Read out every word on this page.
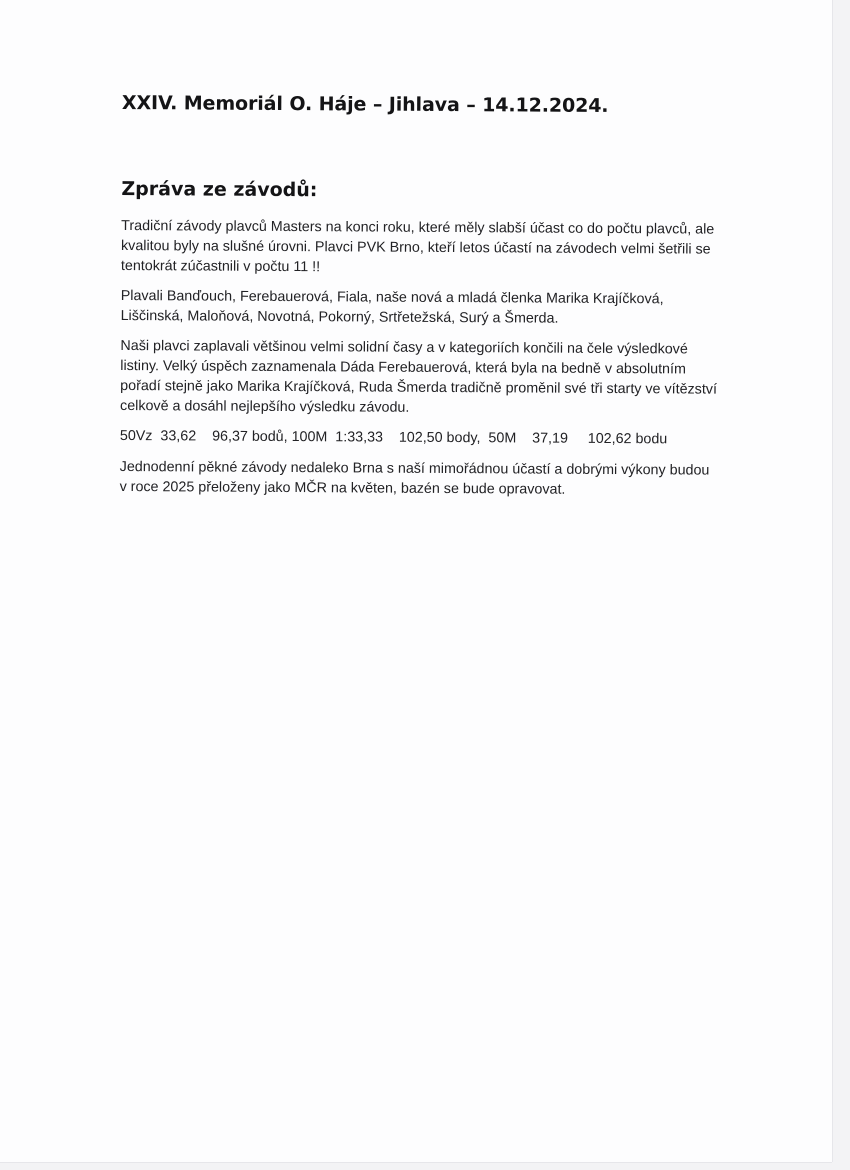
XXIV. Memoriál O. Háje – Jihlava – 14.12.2024.
Zpráva ze závodů:

Tradiční závody plavců Masters na konci roku, které měly slabší účast co do počtu plavců, ale kvalitou byly na slušné úrovni. Plavci PVK Brno, kteří letos účastí na závodech velmi šetřili se tentokrát zúčastnili v počtu 11 !!

Plavali Banďouch, Ferebauerová, Fiala, naše nová a mladá členka Marika Krajíčková, Liščinská, Maloňová, Novotná, Pokorný, Srtřetežská, Surý a Šmerda.

Naši plavci zaplavali většinou velmi solidní časy a v kategoriích končili na čele výsledkové listiny. Velký úspěch zaznamenala Dáda Ferebauerová, která byla na bedně v absolutním pořadí stejně jako Marika Krajíčková, Ruda Šmerda tradičně proměnil své tři starty ve vítězství celkově a dosáhl nejlepšího výsledku závodu.

50Vz  33,62    96,37 bodů, 100M  1:33,33    102,50 body,  50M    37,19     102,62 bodu

Jednodenní pěkné závody nedaleko Brna s naší mimořádnou účastí a dobrými výkony budou v roce 2025 přeloženy jako MČR na květen, bazén se bude opravovat.
